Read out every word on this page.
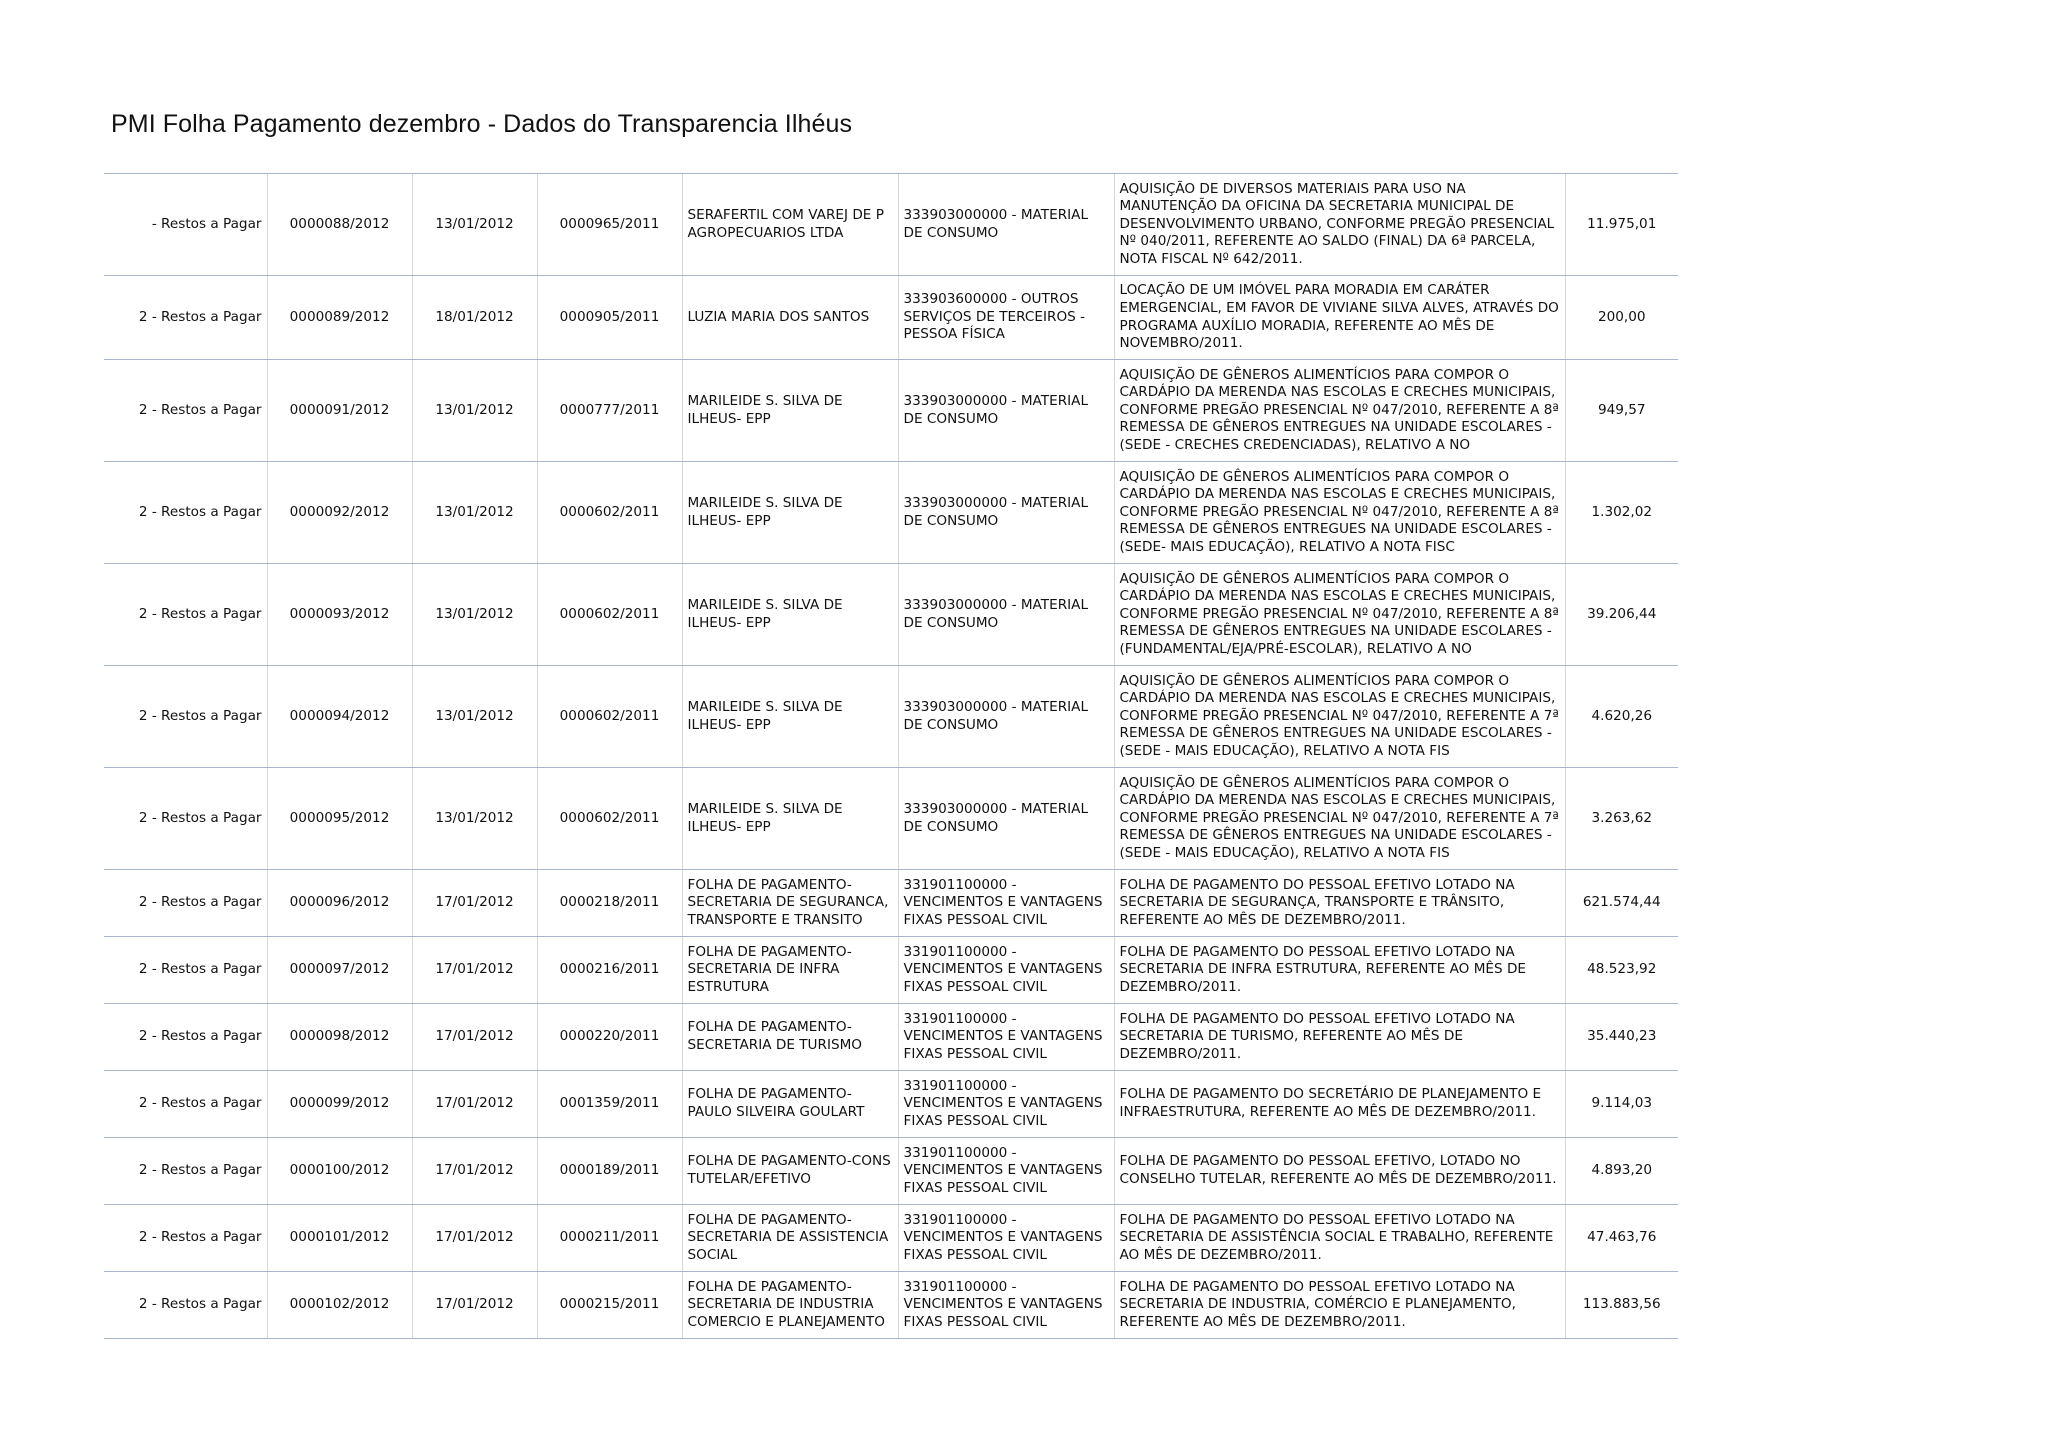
PMI Folha Pagamento dezembro - Dados do Transparencia Ilhéus
- Restos a Pagar	0000088/2012	13/01/2012	0000965/2011	SERAFERTIL COM VAREJ DE P AGROPECUARIOS LTDA	333903000000 - MATERIAL DE CONSUMO	AQUISIÇÃO DE DIVERSOS MATERIAIS PARA USO NA MANUTENÇÃO DA OFICINA DA SECRETARIA MUNICIPAL DE DESENVOLVIMENTO URBANO, CONFORME PREGÃO PRESENCIAL Nº 040/2011, REFERENTE AO SALDO (FINAL) DA 6ª PARCELA, NOTA FISCAL Nº 642/2011.	11.975,01
2 - Restos a Pagar	0000089/2012	18/01/2012	0000905/2011	LUZIA MARIA DOS SANTOS	333903600000 - OUTROS SERVIÇOS DE TERCEIROS - PESSOA FÍSICA	LOCAÇÃO DE UM IMÓVEL PARA MORADIA EM CARÁTER EMERGENCIAL, EM FAVOR DE VIVIANE SILVA ALVES, ATRAVÉS DO PROGRAMA AUXÍLIO MORADIA, REFERENTE AO MÊS DE NOVEMBRO/2011.	200,00
2 - Restos a Pagar	0000091/2012	13/01/2012	0000777/2011	MARILEIDE S. SILVA DE ILHEUS- EPP	333903000000 - MATERIAL DE CONSUMO	AQUISIÇÃO DE GÊNEROS ALIMENTÍCIOS PARA COMPOR O CARDÁPIO DA MERENDA NAS ESCOLAS E CRECHES MUNICIPAIS, CONFORME PREGÃO PRESENCIAL Nº 047/2010, REFERENTE A 8ª REMESSA DE GÊNEROS ENTREGUES NA UNIDADE ESCOLARES - (SEDE - CRECHES CREDENCIADAS), RELATIVO A NO	949,57
2 - Restos a Pagar	0000092/2012	13/01/2012	0000602/2011	MARILEIDE S. SILVA DE ILHEUS- EPP	333903000000 - MATERIAL DE CONSUMO	AQUISIÇÃO DE GÊNEROS ALIMENTÍCIOS PARA COMPOR O CARDÁPIO DA MERENDA NAS ESCOLAS E CRECHES MUNICIPAIS, CONFORME PREGÃO PRESENCIAL Nº 047/2010, REFERENTE A 8ª REMESSA DE GÊNEROS ENTREGUES NA UNIDADE ESCOLARES - (SEDE- MAIS EDUCAÇÃO), RELATIVO A NOTA FISC	1.302,02
2 - Restos a Pagar	0000093/2012	13/01/2012	0000602/2011	MARILEIDE S. SILVA DE ILHEUS- EPP	333903000000 - MATERIAL DE CONSUMO	AQUISIÇÃO DE GÊNEROS ALIMENTÍCIOS PARA COMPOR O CARDÁPIO DA MERENDA NAS ESCOLAS E CRECHES MUNICIPAIS, CONFORME PREGÃO PRESENCIAL Nº 047/2010, REFERENTE A 8ª REMESSA DE GÊNEROS ENTREGUES NA UNIDADE ESCOLARES - (FUNDAMENTAL/EJA/PRÉ-ESCOLAR), RELATIVO A NO	39.206,44
2 - Restos a Pagar	0000094/2012	13/01/2012	0000602/2011	MARILEIDE S. SILVA DE ILHEUS- EPP	333903000000 - MATERIAL DE CONSUMO	AQUISIÇÃO DE GÊNEROS ALIMENTÍCIOS PARA COMPOR O CARDÁPIO DA MERENDA NAS ESCOLAS E CRECHES MUNICIPAIS, CONFORME PREGÃO PRESENCIAL Nº 047/2010, REFERENTE A 7ª REMESSA DE GÊNEROS ENTREGUES NA UNIDADE ESCOLARES - (SEDE - MAIS EDUCAÇÃO), RELATIVO A NOTA FIS	4.620,26
2 - Restos a Pagar	0000095/2012	13/01/2012	0000602/2011	MARILEIDE S. SILVA DE ILHEUS- EPP	333903000000 - MATERIAL DE CONSUMO	AQUISIÇÃO DE GÊNEROS ALIMENTÍCIOS PARA COMPOR O CARDÁPIO DA MERENDA NAS ESCOLAS E CRECHES MUNICIPAIS, CONFORME PREGÃO PRESENCIAL Nº 047/2010, REFERENTE A 7ª REMESSA DE GÊNEROS ENTREGUES NA UNIDADE ESCOLARES - (SEDE - MAIS EDUCAÇÃO), RELATIVO A NOTA FIS	3.263,62
2 - Restos a Pagar	0000096/2012	17/01/2012	0000218/2011	FOLHA DE PAGAMENTO- SECRETARIA DE SEGURANCA, TRANSPORTE E TRANSITO	331901100000 - VENCIMENTOS E VANTAGENS FIXAS PESSOAL CIVIL	FOLHA DE PAGAMENTO DO PESSOAL EFETIVO LOTADO NA SECRETARIA DE SEGURANÇA, TRANSPORTE E TRÂNSITO, REFERENTE AO MÊS DE DEZEMBRO/2011.	621.574,44
2 - Restos a Pagar	0000097/2012	17/01/2012	0000216/2011	FOLHA DE PAGAMENTO- SECRETARIA DE INFRA ESTRUTURA	331901100000 - VENCIMENTOS E VANTAGENS FIXAS PESSOAL CIVIL	FOLHA DE PAGAMENTO DO PESSOAL EFETIVO LOTADO NA SECRETARIA DE INFRA ESTRUTURA, REFERENTE AO MÊS DE DEZEMBRO/2011.	48.523,92
2 - Restos a Pagar	0000098/2012	17/01/2012	0000220/2011	FOLHA DE PAGAMENTO- SECRETARIA DE TURISMO	331901100000 - VENCIMENTOS E VANTAGENS FIXAS PESSOAL CIVIL	FOLHA DE PAGAMENTO DO PESSOAL EFETIVO LOTADO NA SECRETARIA DE TURISMO, REFERENTE AO MÊS DE DEZEMBRO/2011.	35.440,23
2 - Restos a Pagar	0000099/2012	17/01/2012	0001359/2011	FOLHA DE PAGAMENTO- PAULO SILVEIRA GOULART	331901100000 - VENCIMENTOS E VANTAGENS FIXAS PESSOAL CIVIL	FOLHA DE PAGAMENTO DO SECRETÁRIO DE PLANEJAMENTO E INFRAESTRUTURA, REFERENTE AO MÊS DE DEZEMBRO/2011.	9.114,03
2 - Restos a Pagar	0000100/2012	17/01/2012	0000189/2011	FOLHA DE PAGAMENTO-CONS TUTELAR/EFETIVO	331901100000 - VENCIMENTOS E VANTAGENS FIXAS PESSOAL CIVIL	FOLHA DE PAGAMENTO DO PESSOAL EFETIVO, LOTADO NO CONSELHO TUTELAR, REFERENTE AO MÊS DE DEZEMBRO/2011.	4.893,20
2 - Restos a Pagar	0000101/2012	17/01/2012	0000211/2011	FOLHA DE PAGAMENTO- SECRETARIA DE ASSISTENCIA SOCIAL	331901100000 - VENCIMENTOS E VANTAGENS FIXAS PESSOAL CIVIL	FOLHA DE PAGAMENTO DO PESSOAL EFETIVO LOTADO NA SECRETARIA DE ASSISTÊNCIA SOCIAL E TRABALHO, REFERENTE AO MÊS DE DEZEMBRO/2011.	47.463,76
2 - Restos a Pagar	0000102/2012	17/01/2012	0000215/2011	FOLHA DE PAGAMENTO- SECRETARIA DE INDUSTRIA COMERCIO E PLANEJAMENTO	331901100000 - VENCIMENTOS E VANTAGENS FIXAS PESSOAL CIVIL	FOLHA DE PAGAMENTO DO PESSOAL EFETIVO LOTADO NA SECRETARIA DE INDUSTRIA, COMÉRCIO E PLANEJAMENTO, REFERENTE AO MÊS DE DEZEMBRO/2011.	113.883,56
